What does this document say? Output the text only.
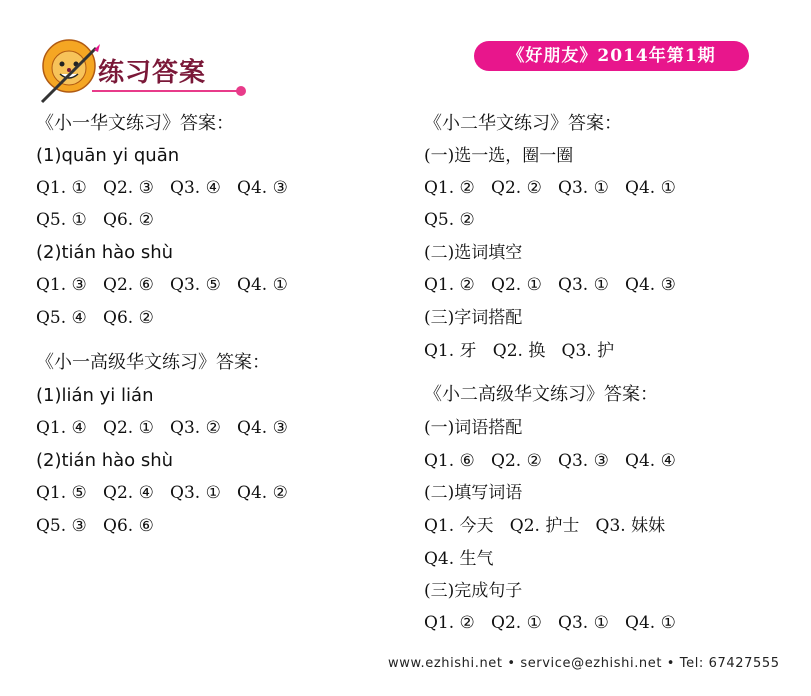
练习答案
《好朋友》2014年第1期
《小一华文练习》答案：
(1)quān yi quān
Q1. ①   Q2. ③   Q3. ④   Q4. ③
Q5. ①   Q6. ②
(2)tián hào shù
Q1. ③   Q2. ⑥   Q3. ⑤   Q4. ①
Q5. ④   Q6. ②
《小一高级华文练习》答案：
(1)lián yi lián
Q1. ④   Q2. ①   Q3. ②   Q4. ③
(2)tián hào shù
Q1. ⑤   Q2. ④   Q3. ①   Q4. ②
Q5. ③   Q6. ⑥
《小二华文练习》答案：
(一)选一选，圈一圈
Q1. ②   Q2. ②   Q3. ①   Q4. ①
Q5. ②
(二)选词填空
Q1. ②   Q2. ①   Q3. ①   Q4. ③
(三)字词搭配
Q1. 牙   Q2. 换   Q3. 护
《小二高级华文练习》答案：
(一)词语搭配
Q1. ⑥   Q2. ②   Q3. ③   Q4. ④
(二)填写词语
Q1. 今天   Q2. 护士   Q3. 妹妹
Q4. 生气
(三)完成句子
Q1. ②   Q2. ①   Q3. ①   Q4. ①
www.ezhishi.net • service@ezhishi.net • Tel: 67427555
